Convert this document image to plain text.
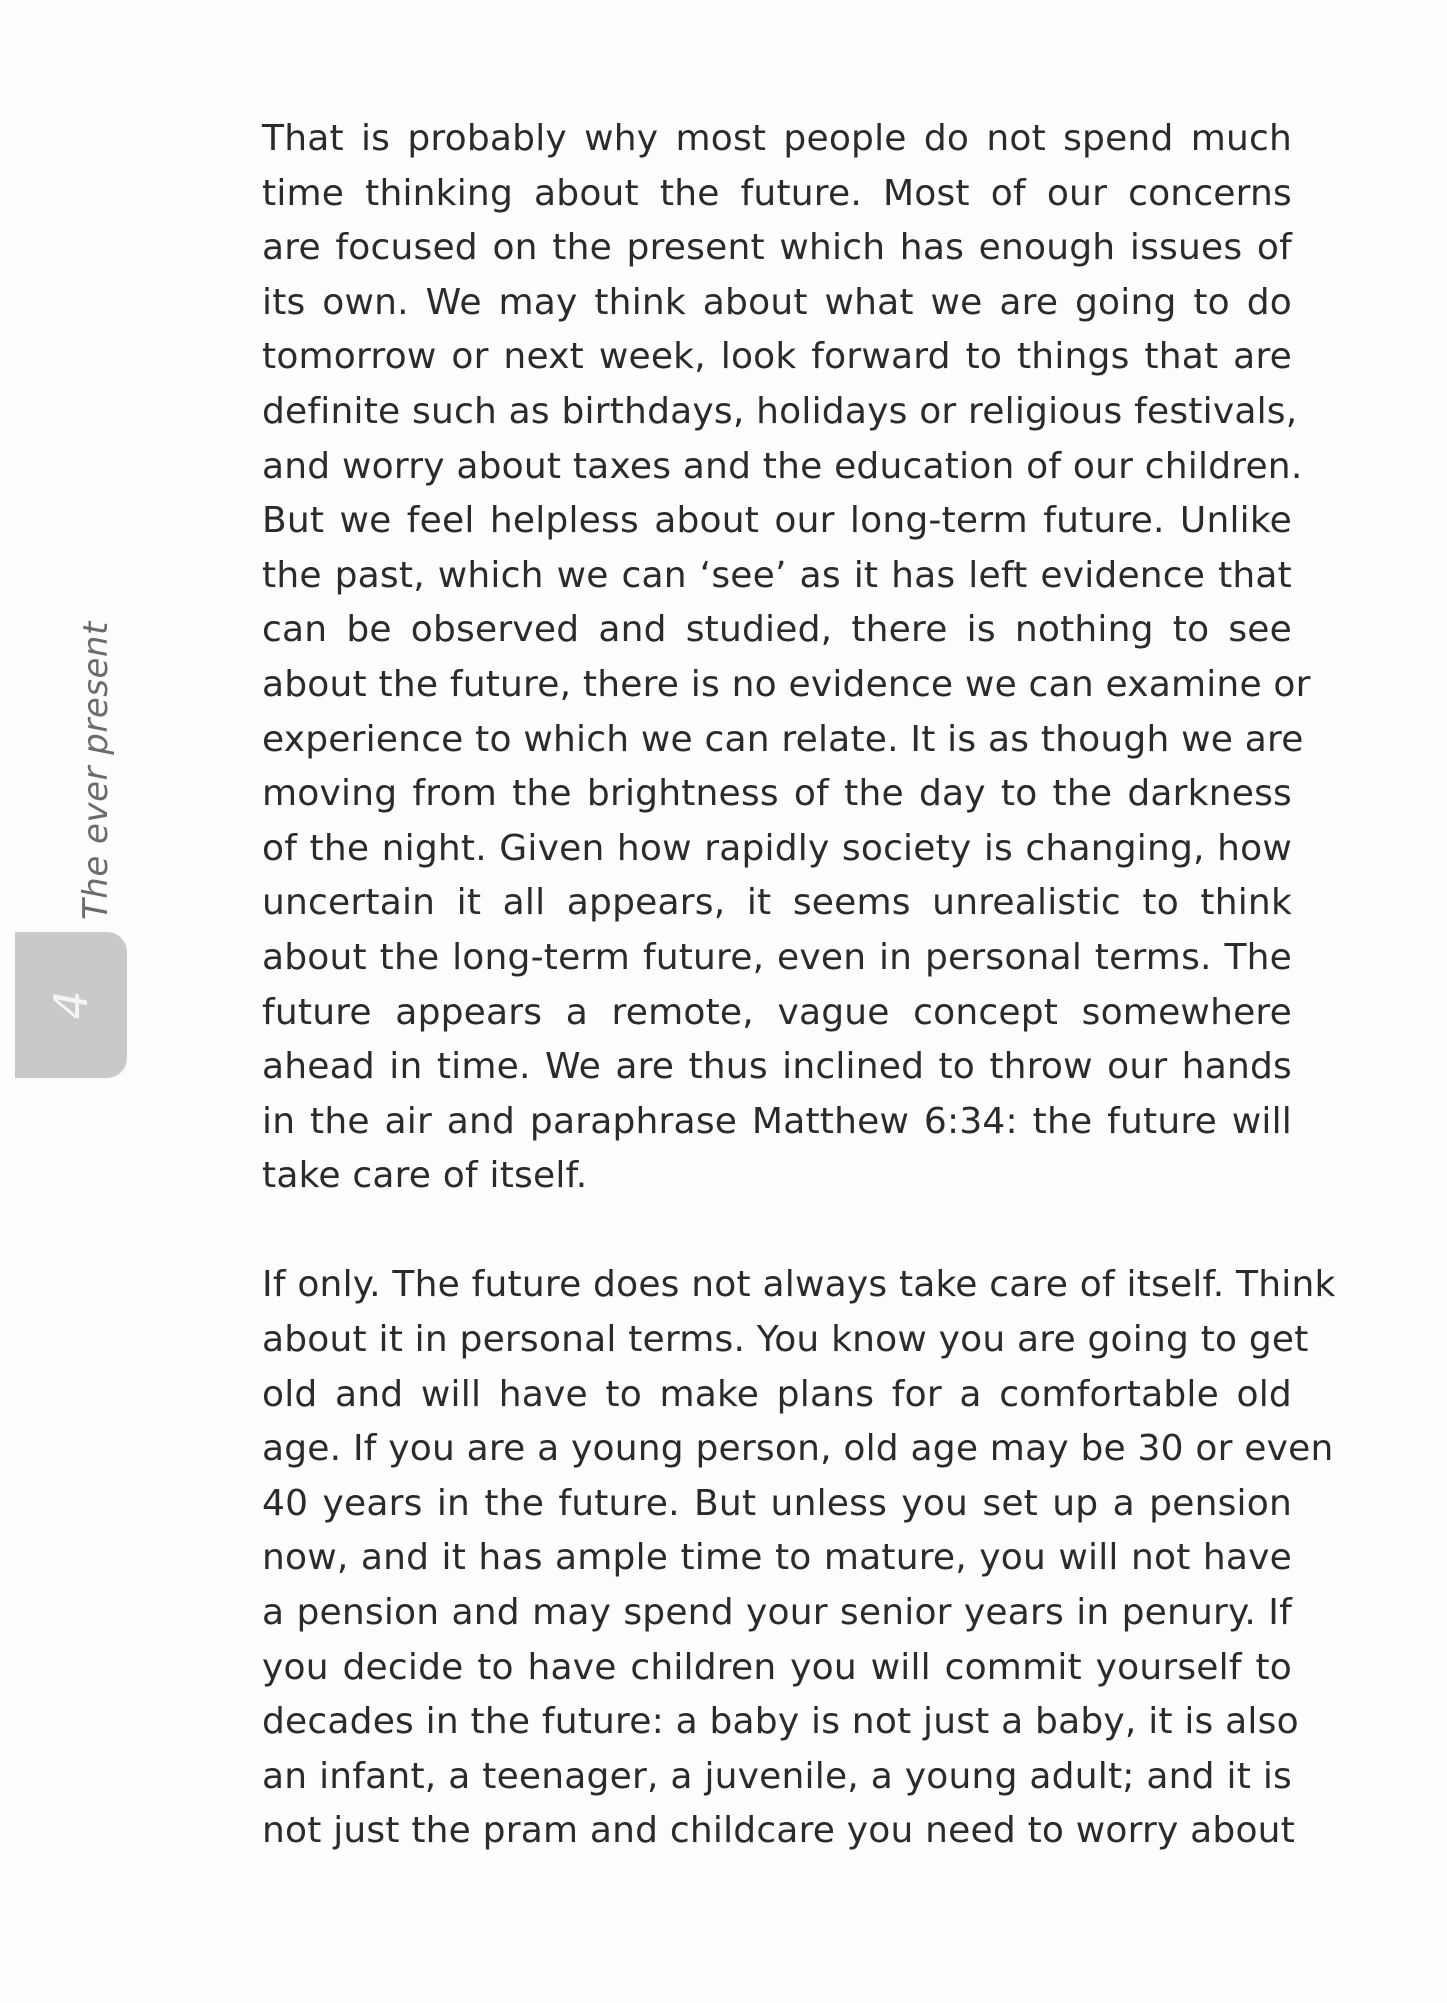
The ever present
4
That is probably why most people do not spend much
time thinking about the future. Most of our concerns
are focused on the present which has enough issues of
its own. We may think about what we are going to do
tomorrow or next week, look forward to things that are
definite such as birthdays, holidays or religious festivals,
and worry about taxes and the education of our children.
But we feel helpless about our long-term future. Unlike
the past, which we can ‘see’ as it has left evidence that
can be observed and studied, there is nothing to see
about the future, there is no evidence we can examine or
experience to which we can relate. It is as though we are
moving from the brightness of the day to the darkness
of the night. Given how rapidly society is changing, how
uncertain it all appears, it seems unrealistic to think
about the long-term future, even in personal terms. The
future appears a remote, vague concept somewhere
ahead in time. We are thus inclined to throw our hands
in the air and paraphrase Matthew 6:34: the future will
take care of itself.
If only. The future does not always take care of itself. Think
about it in personal terms. You know you are going to get
old and will have to make plans for a comfortable old
age. If you are a young person, old age may be 30 or even
40 years in the future. But unless you set up a pension
now, and it has ample time to mature, you will not have
a pension and may spend your senior years in penury. If
you decide to have children you will commit yourself to
decades in the future: a baby is not just a baby, it is also
an infant, a teenager, a juvenile, a young adult; and it is
not just the pram and childcare you need to worry about
